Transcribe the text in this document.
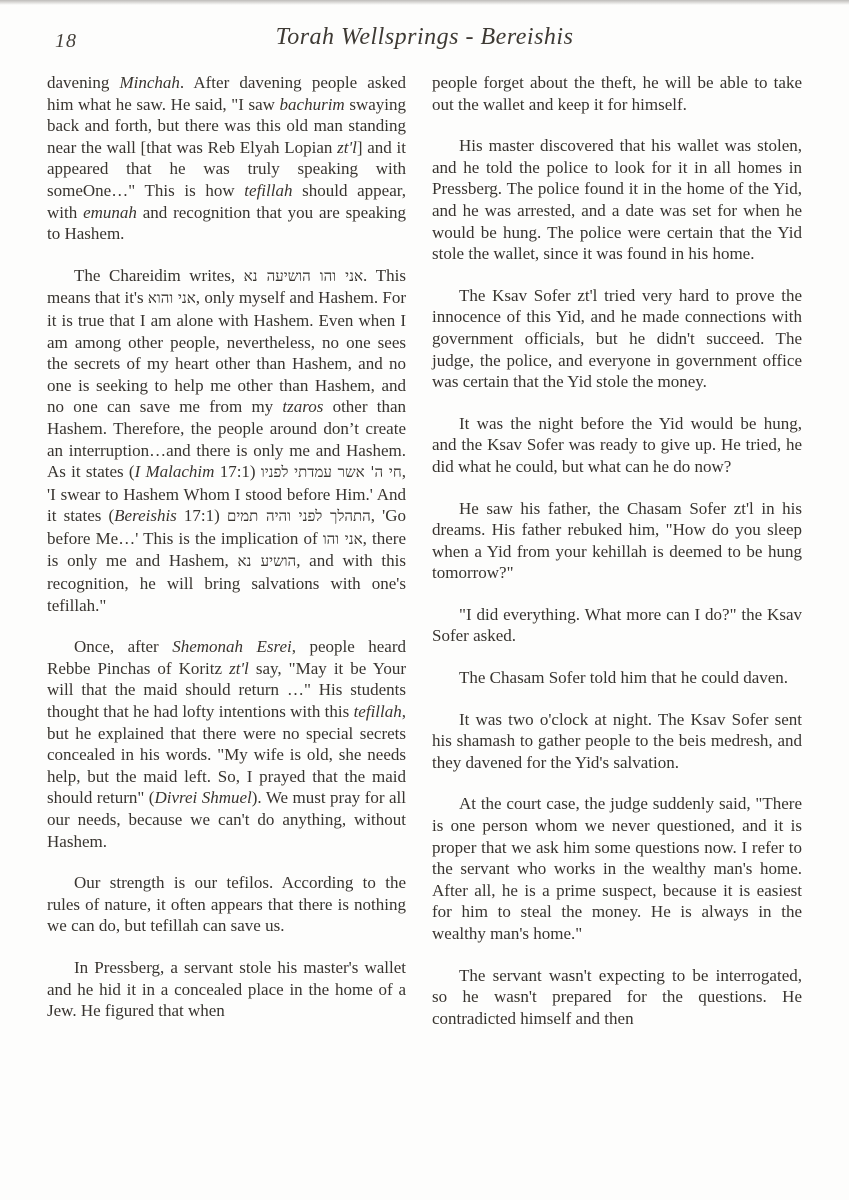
18	Torah Wellsprings - Bereishis

davening Minchah. After davening people asked him what he saw. He said, "I saw bachurim swaying back and forth, but there was this old man standing near the wall [that was Reb Elyah Lopian zt'l] and it appeared that he was truly speaking with someOne…" This is how tefillah should appear, with emunah and recognition that you are speaking to Hashem.

The Chareidim writes, אני והו הושיעה נא. This means that it's אני והוא, only myself and Hashem. For it is true that I am alone with Hashem. Even when I am among other people, nevertheless, no one sees the secrets of my heart other than Hashem, and no one is seeking to help me other than Hashem, and no one can save me from my tzaros other than Hashem. Therefore, the people around don’t create an interruption…and there is only me and Hashem. As it states (I Malachim 17:1) חי ה' אשר עמדתי לפניו, 'I swear to Hashem Whom I stood before Him.' And it states (Bereishis 17:1) התהלך לפני והיה תמים, 'Go before Me…' This is the implication of אני והו, there is only me and Hashem, הושיע נא, and with this recognition, he will bring salvations with one's tefillah."

Once, after Shemonah Esrei, people heard Rebbe Pinchas of Koritz zt'l say, "May it be Your will that the maid should return …" His students thought that he had lofty intentions with this tefillah, but he explained that there were no special secrets concealed in his words. "My wife is old, she needs help, but the maid left. So, I prayed that the maid should return" (Divrei Shmuel). We must pray for all our needs, because we can't do anything, without Hashem.

Our strength is our tefilos. According to the rules of nature, it often appears that there is nothing we can do, but tefillah can save us.

In Pressberg, a servant stole his master's wallet and he hid it in a concealed place in the home of a Jew. He figured that when

people forget about the theft, he will be able to take out the wallet and keep it for himself.

His master discovered that his wallet was stolen, and he told the police to look for it in all homes in Pressberg. The police found it in the home of the Yid, and he was arrested, and a date was set for when he would be hung. The police were certain that the Yid stole the wallet, since it was found in his home.

The Ksav Sofer zt'l tried very hard to prove the innocence of this Yid, and he made connections with government officials, but he didn't succeed. The judge, the police, and everyone in government office was certain that the Yid stole the money.

It was the night before the Yid would be hung, and the Ksav Sofer was ready to give up. He tried, he did what he could, but what can he do now?

He saw his father, the Chasam Sofer zt'l in his dreams. His father rebuked him, "How do you sleep when a Yid from your kehillah is deemed to be hung tomorrow?"

"I did everything. What more can I do?" the Ksav Sofer asked.

The Chasam Sofer told him that he could daven.

It was two o'clock at night. The Ksav Sofer sent his shamash to gather people to the beis medresh, and they davened for the Yid's salvation.

At the court case, the judge suddenly said, "There is one person whom we never questioned, and it is proper that we ask him some questions now. I refer to the servant who works in the wealthy man's home. After all, he is a prime suspect, because it is easiest for him to steal the money. He is always in the wealthy man's home."

The servant wasn't expecting to be interrogated, so he wasn't prepared for the questions. He contradicted himself and then
